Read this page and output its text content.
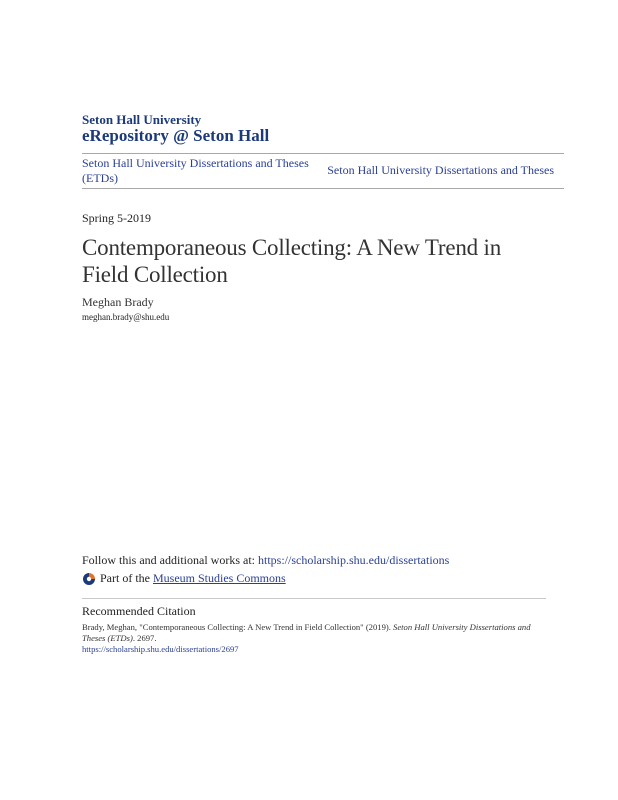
Seton Hall University
eRepository @ Seton Hall
Seton Hall University Dissertations and Theses (ETDs)
Seton Hall University Dissertations and Theses
Spring 5-2019
Contemporaneous Collecting: A New Trend in Field Collection
Meghan Brady
meghan.brady@shu.edu
Follow this and additional works at: https://scholarship.shu.edu/dissertations
Part of the
Museum Studies Commons
Recommended Citation
Brady, Meghan, "Contemporaneous Collecting: A New Trend in Field Collection" (2019). Seton Hall University Dissertations and Theses (ETDs). 2697.
https://scholarship.shu.edu/dissertations/2697
